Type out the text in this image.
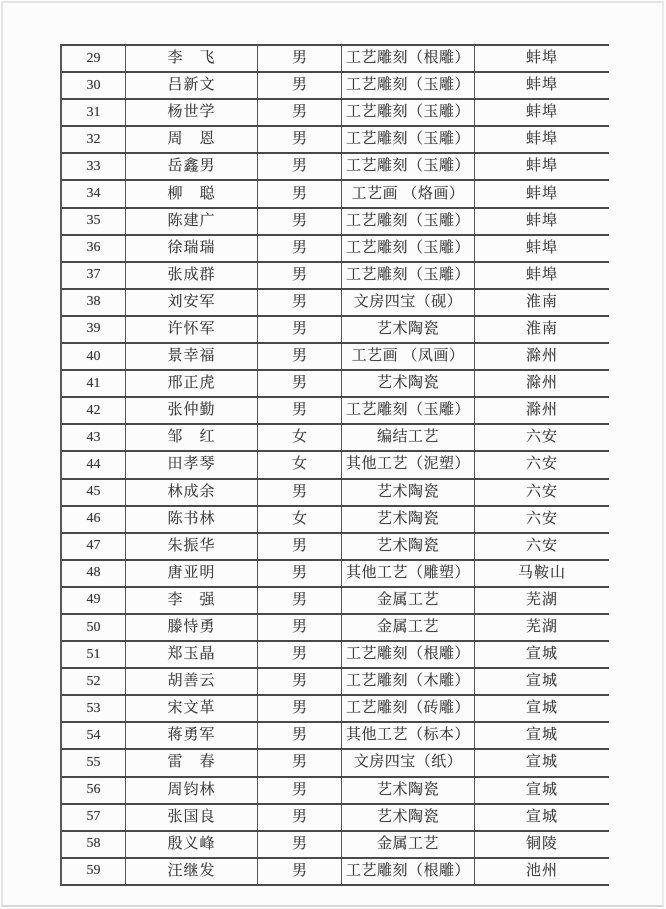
29	李　飞	男	工艺雕刻（根雕）	蚌埠
30	吕新文	男	工艺雕刻（玉雕）	蚌埠
31	杨世学	男	工艺雕刻（玉雕）	蚌埠
32	周　恩	男	工艺雕刻（玉雕）	蚌埠
33	岳鑫男	男	工艺雕刻（玉雕）	蚌埠
34	柳　聪	男	工艺画 （烙画）	蚌埠
35	陈建广	男	工艺雕刻（玉雕）	蚌埠
36	徐瑞瑞	男	工艺雕刻（玉雕）	蚌埠
37	张成群	男	工艺雕刻（玉雕）	蚌埠
38	刘安军	男	文房四宝（砚）	淮南
39	许怀军	男	艺术陶瓷	淮南
40	景幸福	男	工艺画 （凤画）	滁州
41	邢正虎	男	艺术陶瓷	滁州
42	张仲勤	男	工艺雕刻（玉雕）	滁州
43	邹　红	女	编结工艺	六安
44	田孝琴	女	其他工艺（泥塑）	六安
45	林成余	男	艺术陶瓷	六安
46	陈书林	女	艺术陶瓷	六安
47	朱振华	男	艺术陶瓷	六安
48	唐亚明	男	其他工艺（雕塑）	马鞍山
49	李　强	男	金属工艺	芜湖
50	滕恃勇	男	金属工艺	芜湖
51	郑玉晶	男	工艺雕刻（根雕）	宣城
52	胡善云	男	工艺雕刻（木雕）	宣城
53	宋文革	男	工艺雕刻（砖雕）	宣城
54	蒋勇军	男	其他工艺（标本）	宣城
55	雷　春	男	文房四宝（纸）	宣城
56	周钧林	男	艺术陶瓷	宣城
57	张国良	男	艺术陶瓷	宣城
58	殷义峰	男	金属工艺	铜陵
59	汪继发	男	工艺雕刻（根雕）	池州
